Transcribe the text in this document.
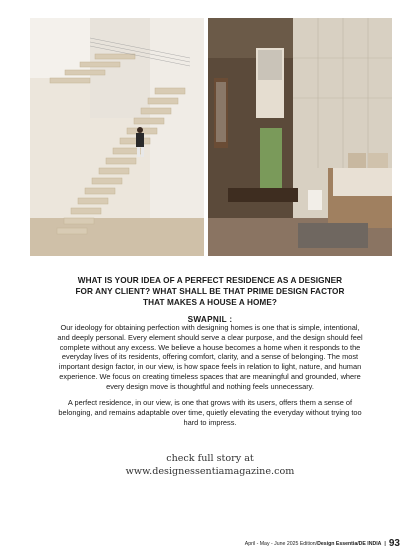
WHAT IS YOUR IDEA OF A PERFECT RESIDENCE AS A DESIGNER FOR ANY CLIENT? WHAT SHALL BE THAT PRIME DESIGN FACTOR THAT MAKES A HOUSE A HOME?
SWAPNIL :
Our ideology for obtaining perfection with designing homes is one that is simple, intentional, and deeply personal. Every element should serve a clear purpose, and the design should feel complete without any excess. We believe a house becomes a home when it responds to the everyday lives of its residents, offering comfort, clarity, and a sense of belonging. The most important design factor, in our view, is how space feels in relation to light, nature, and human experience. We focus on creating timeless spaces that are meaningful and grounded, where every design move is thoughtful and nothing feels unnecessary.
A perfect residence, in our view, is one that grows with its users, offers them a sense of belonging, and remains adaptable over time, quietly elevating the everyday without trying too hard to impress.
check full story at
www.designessentiamagazine.com
April - May - June 2025 Edition/Design Essentia/DE INDIA | 93
